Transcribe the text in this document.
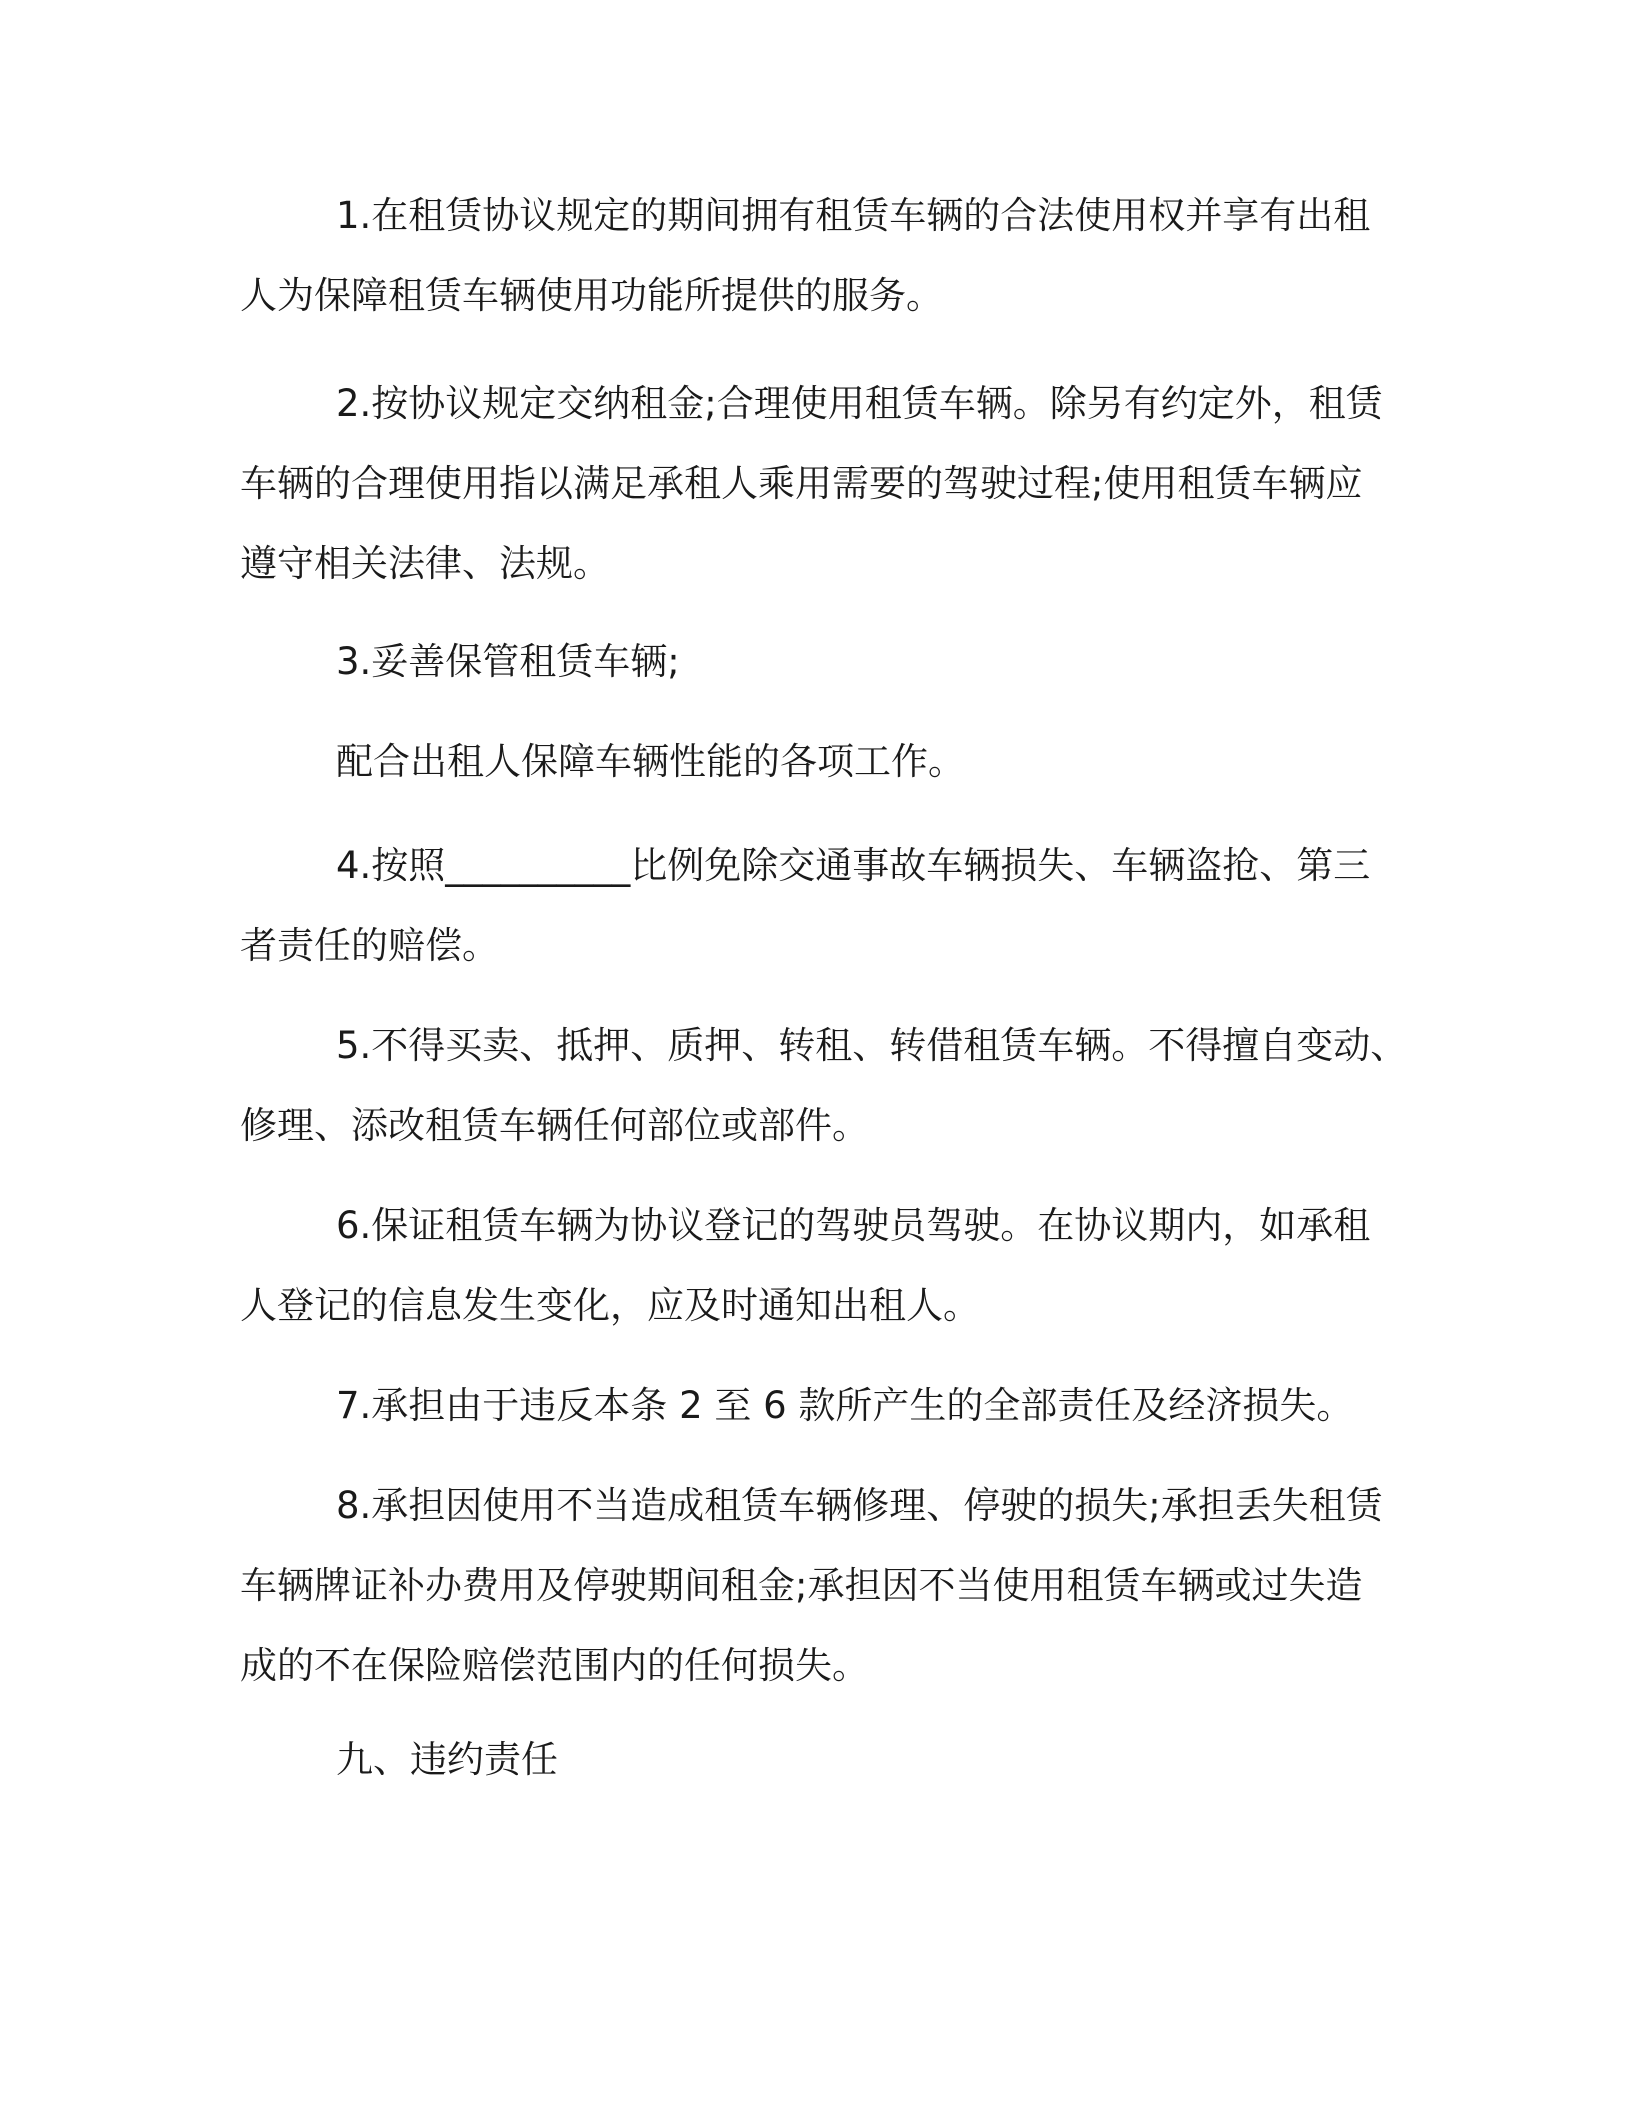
1.在租赁协议规定的期间拥有租赁车辆的合法使用权并享有出租
人为保障租赁车辆使用功能所提供的服务。
2.按协议规定交纳租金;合理使用租赁车辆。除另有约定外，租赁
车辆的合理使用指以满足承租人乘用需要的驾驶过程;使用租赁车辆应
遵守相关法律、法规。
3.妥善保管租赁车辆;
配合出租人保障车辆性能的各项工作。
4.按照__________比例免除交通事故车辆损失、车辆盗抢、第三
者责任的赔偿。
5.不得买卖、抵押、质押、转租、转借租赁车辆。不得擅自变动、
修理、添改租赁车辆任何部位或部件。
6.保证租赁车辆为协议登记的驾驶员驾驶。在协议期内，如承租
人登记的信息发生变化，应及时通知出租人。
7.承担由于违反本条 2 至 6 款所产生的全部责任及经济损失。
8.承担因使用不当造成租赁车辆修理、停驶的损失;承担丢失租赁
车辆牌证补办费用及停驶期间租金;承担因不当使用租赁车辆或过失造
成的不在保险赔偿范围内的任何损失。
九、违约责任
